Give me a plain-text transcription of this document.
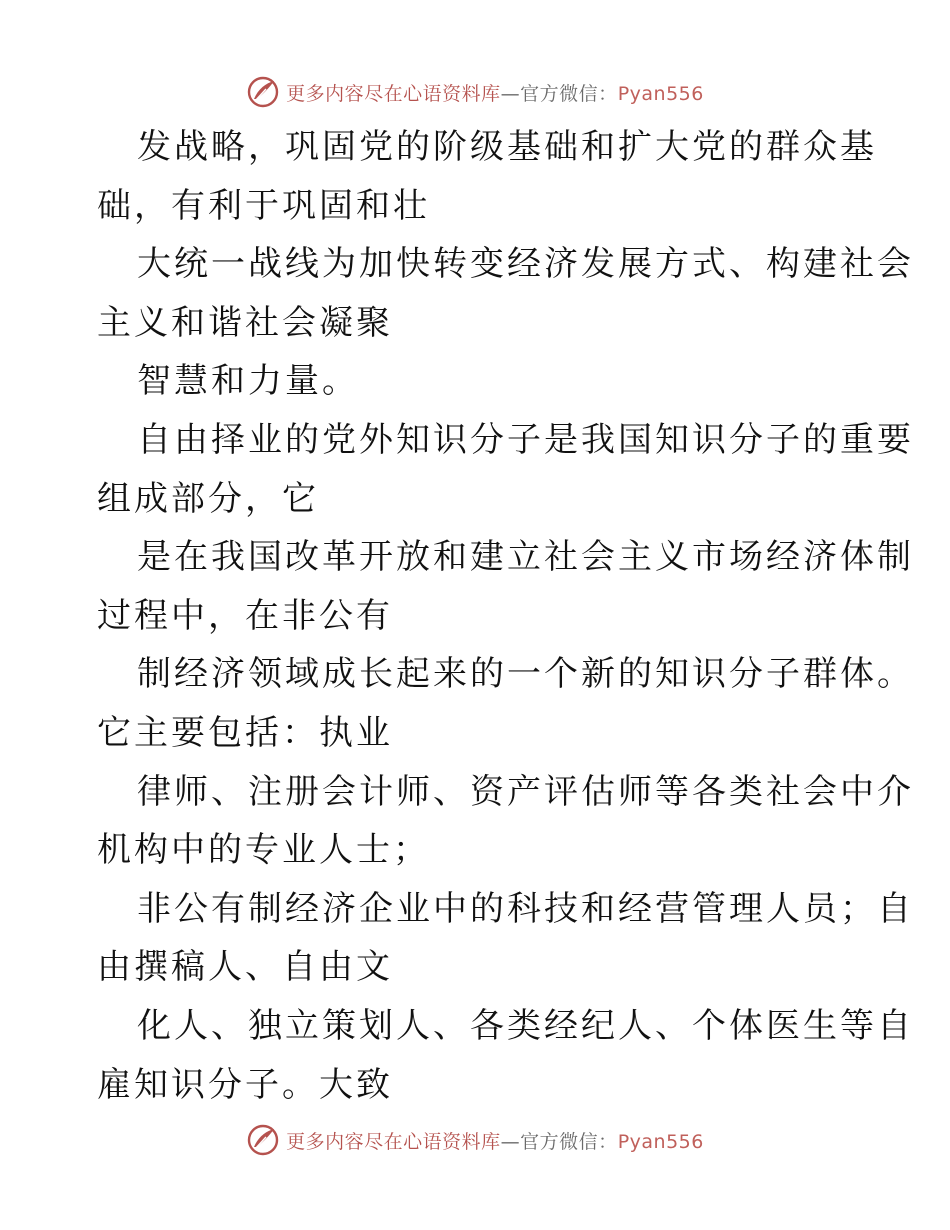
更多内容尽在心语资料库—官方微信：Pyan556
发战略，巩固党的阶级基础和扩大党的群众基
础，有利于巩固和壮
大统一战线为加快转变经济发展方式、构建社会
主义和谐社会凝聚
智慧和力量。
自由择业的党外知识分子是我国知识分子的重要
组成部分，它
是在我国改革开放和建立社会主义市场经济体制
过程中，在非公有
制经济领域成长起来的一个新的知识分子群体。
它主要包括：执业
律师、注册会计师、资产评估师等各类社会中介
机构中的专业人士；
非公有制经济企业中的科技和经营管理人员；自
由撰稿人、自由文
化人、独立策划人、各类经纪人、个体医生等自
雇知识分子。大致
更多内容尽在心语资料库—官方微信：Pyan556
